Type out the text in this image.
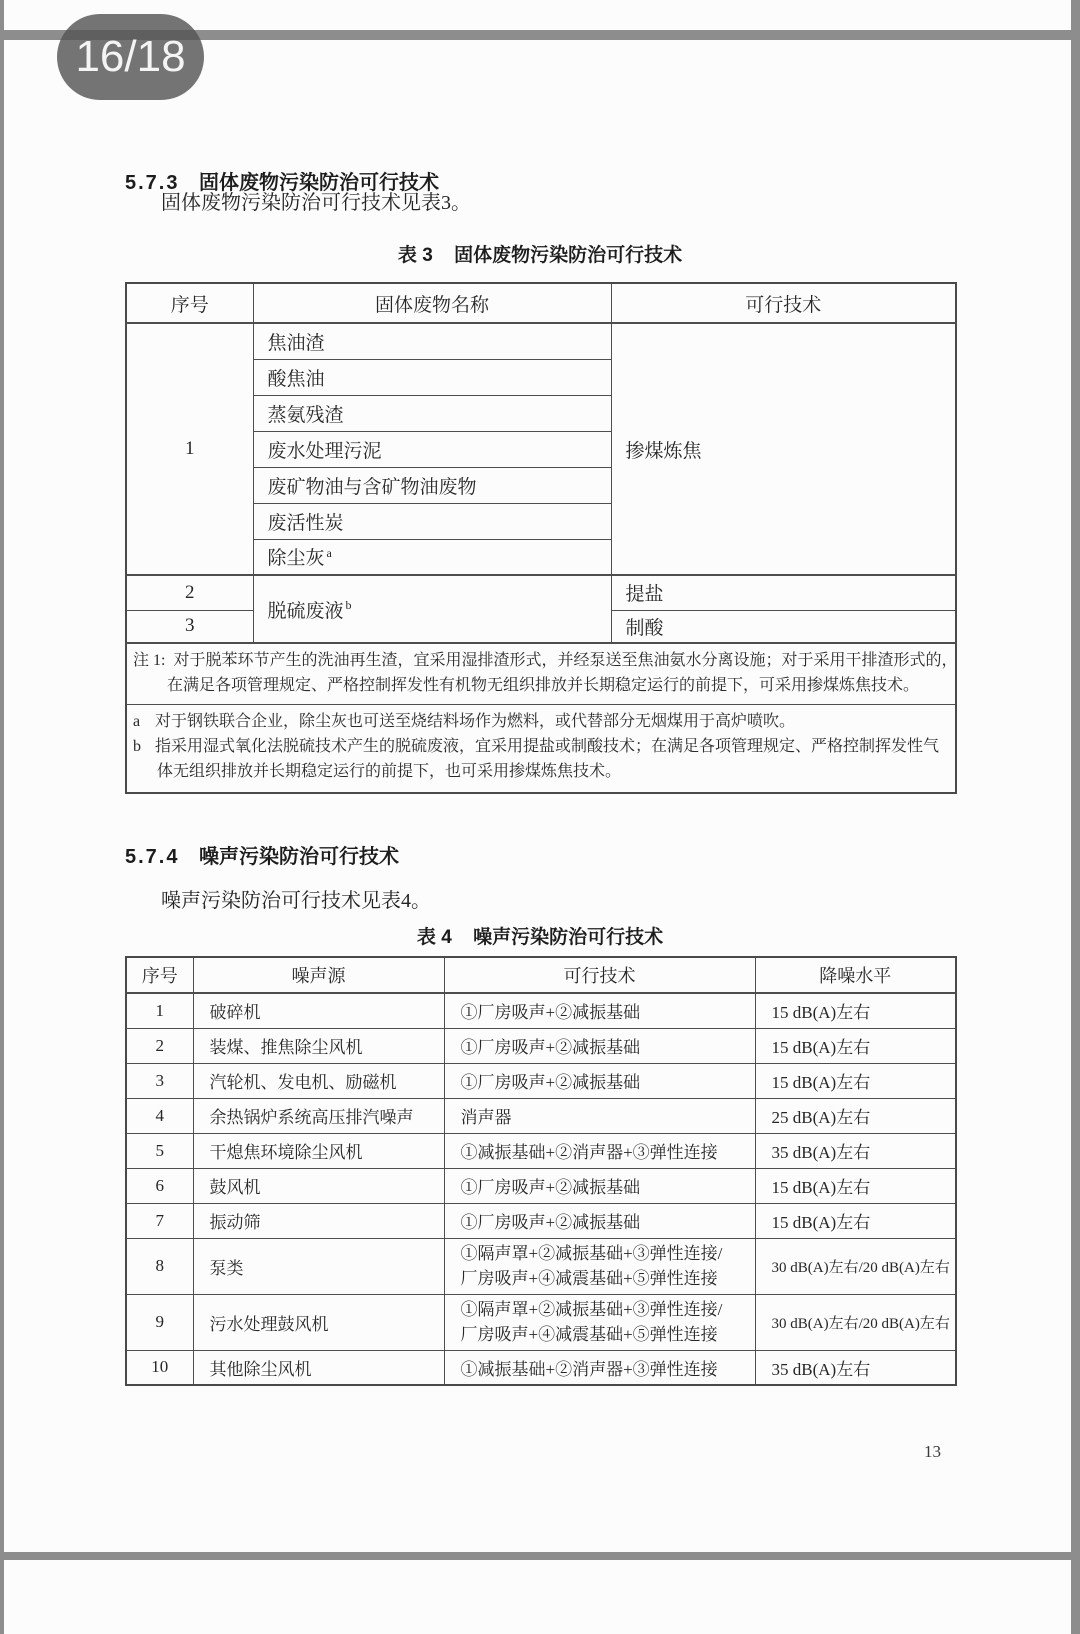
16/18
5.7.3 固体废物污染防治可行技术
固体废物污染防治可行技术见表3。
表 3 固体废物污染防治可行技术
序号	固体废物名称	可行技术
1	焦油渣	掺煤炼焦
	酸焦油	
	蒸氨残渣	
	废水处理污泥	
	废矿物油与含矿物油废物	
	废活性炭	
	除尘灰 $^a$
2	脱硫废液 $^b$	提盐
3		制酸

注 1: 对于脱苯环节产生的洗油再生渣，宜采用湿排渣形式，并经泵送至焦油氨水分离设施；对于采用干排渣形式的，
在满足各项管理规定、严格控制挥发性有机物无组织排放并长期稳定运行的前提下，可采用掺煤炼焦技术。		

a 对于钢铁联合企业，除尘灰也可送至烧结料场作为燃料，或代替部分无烟煤用于高炉喷吹。
b 指采用湿式氧化法脱硫技术产生的脱硫废液，宜采用提盐或制酸技术；在满足各项管理规定、严格控制挥发性气
体无组织排放并长期稳定运行的前提下，也可采用掺煤炼焦技术。		
5.7.4 噪声污染防治可行技术
噪声污染防治可行技术见表4。
表 4 噪声污染防治可行技术
序号	噪声源	可行技术	降噪水平
1	破碎机	①厂房吸声+②减振基础	15 dB(A)左右
2	装煤、推焦除尘风机	①厂房吸声+②减振基础	15 dB(A)左右
3	汽轮机、发电机、励磁机	①厂房吸声+②减振基础	15 dB(A)左右
4	余热锅炉系统高压排汽噪声	消声器	25 dB(A)左右
5	干熄焦环境除尘风机	①减振基础+②消声器+③弹性连接	35 dB(A)左右
6	鼓风机	①厂房吸声+②减振基础	15 dB(A)左右
7	振动筛	①厂房吸声+②减振基础	15 dB(A)左右
8	泵类	①隔声罩+②减振基础+③弹性连接/
厂房吸声+④减震基础+⑤弹性连接	30 dB(A)左右/20 dB(A)左右
9	污水处理鼓风机	①隔声罩+②减振基础+③弹性连接/
厂房吸声+④减震基础+⑤弹性连接	30 dB(A)左右/20 dB(A)左右
10	其他除尘风机	①减振基础+②消声器+③弹性连接	35 dB(A)左右
13
